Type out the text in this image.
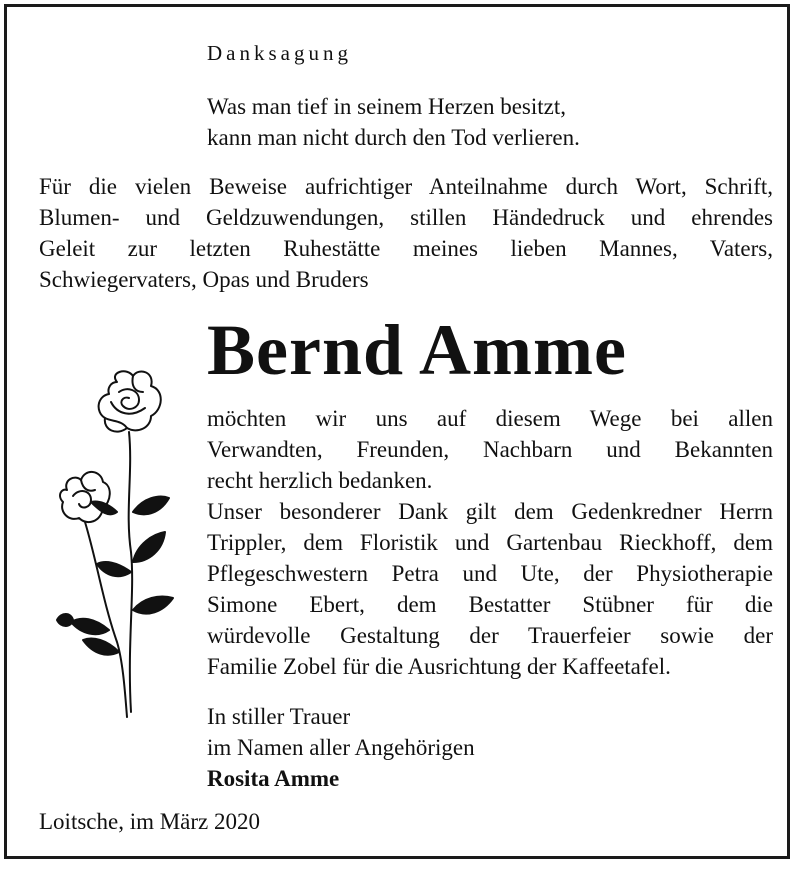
Danksagung

Was man tief in seinem Herzen besitzt,
kann man nicht durch den Tod verlieren.
Für die vielen Beweise aufrichtiger Anteilnahme durch Wort, Schrift,
Blumen- und Geldzuwendungen, stillen Händedruck und ehrendes
Geleit zur letzten Ruhestätte meines lieben Mannes, Vaters,
Schwiegervaters, Opas und Bruders

Bernd Amme

möchten wir uns auf diesem Wege bei allen
Verwandten, Freunden, Nachbarn und Bekannten
recht herzlich bedanken.
Unser besonderer Dank gilt dem Gedenkredner Herrn
Trippler, dem Floristik und Gartenbau Rieckhoff, dem
Pflegeschwestern Petra und Ute, der Physiotherapie
Simone Ebert, dem Bestatter Stübner für die
würdevolle Gestaltung der Trauerfeier sowie der
Familie Zobel für die Ausrichtung der Kaffeetafel.
In stiller Trauer
im Namen aller Angehörigen
Rosita Amme

Loitsche, im März 2020
